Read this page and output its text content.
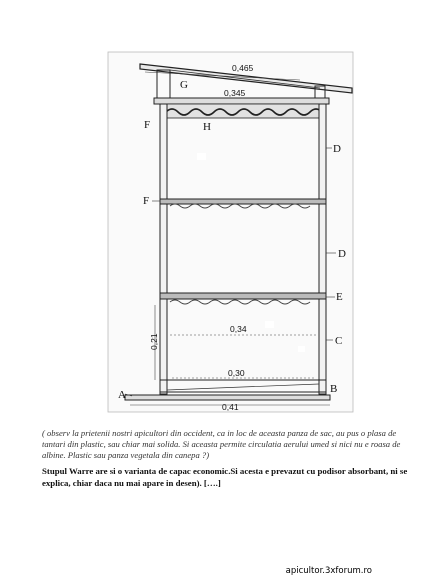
0,465
0,345
0,34
0,30
0,41
0,21
A	B
C
D
D
E
F
F
G
H

( observ la prietenii nostri apicultori din occident, ca in loc de aceasta panza de sac, au pus o plasa de tantari din plastic, sau chiar mai solida. Si aceasta permite circulatia aerului umed si nici nu e roasa de albine. Plastic sau panza vegetala din canepa ?)

Stupul Warre are si o varianta de capac economic.Si acesta e prevazut cu podisor absorbant, ni se explica, chiar daca nu mai apare in desen). [….]

apicultor.3xforum.ro
